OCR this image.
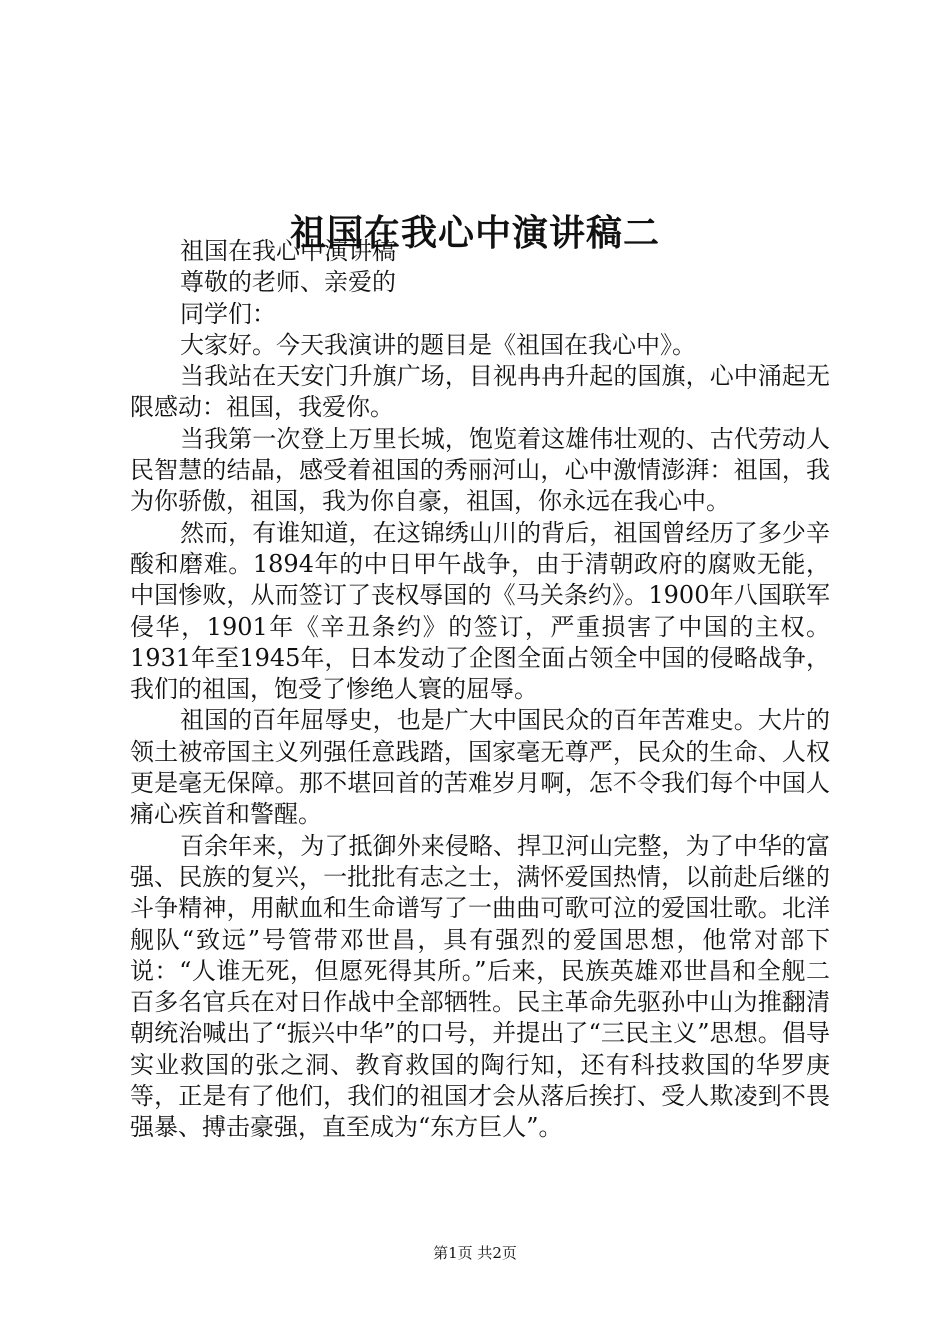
祖国在我心中演讲稿二

祖国在我心中演讲稿

尊敬的老师、亲爱的

同学们：

大家好。今天我演讲的题目是《祖国在我心中》。

当我站在天安门升旗广场，目视冉冉升起的国旗，心中涌起无限感动：祖国，我爱你。

当我第一次登上万里长城，饱览着这雄伟壮观的、古代劳动人民智慧的结晶，感受着祖国的秀丽河山，心中激情澎湃：祖国，我为你骄傲，祖国，我为你自豪，祖国，你永远在我心中。

然而，有谁知道，在这锦绣山川的背后，祖国曾经历了多少辛酸和磨难。1894年的中日甲午战争，由于清朝政府的腐败无能，中国惨败，从而签订了丧权辱国的《马关条约》。1900年八国联军侵华，1901年《辛丑条约》的签订，严重损害了中国的主权。1931年至1945年，日本发动了企图全面占领全中国的侵略战争，我们的祖国，饱受了惨绝人寰的屈辱。

祖国的百年屈辱史，也是广大中国民众的百年苦难史。大片的领土被帝国主义列强任意践踏，国家毫无尊严，民众的生命、人权更是毫无保障。那不堪回首的苦难岁月啊，怎不令我们每个中国人痛心疾首和警醒。

百余年来，为了抵御外来侵略、捍卫河山完整，为了中华的富强、民族的复兴，一批批有志之士，满怀爱国热情，以前赴后继的斗争精神，用献血和生命谱写了一曲曲可歌可泣的爱国壮歌。北洋舰队“致远”号管带邓世昌，具有强烈的爱国思想，他常对部下说：“人谁无死，但愿死得其所。”后来，民族英雄邓世昌和全舰二百多名官兵在对日作战中全部牺牲。民主革命先驱孙中山为推翻清朝统治喊出了“振兴中华”的口号，并提出了“三民主义”思想。倡导实业救国的张之洞、教育救国的陶行知，还有科技救国的华罗庚等，正是有了他们，我们的祖国才会从落后挨打、受人欺凌到不畏强暴、搏击豪强，直至成为“东方巨人”。

第1页 共2页
